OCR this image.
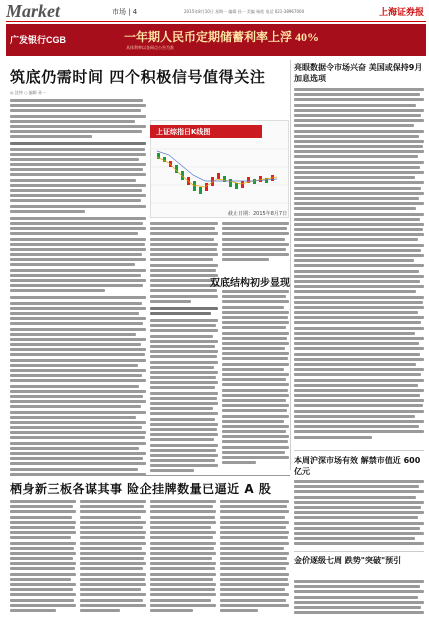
Market	市场 | 4	2015年8月10日 星期一 编辑 孙一 美编 杨欣 电话 021-38967000	上海证券报
广发银行CGB	一年期人民币定期储蓄利率上浮 40%
具体利率以各网点公告为准
筑底仍需时间 四个积极信号值得关注
亮眼数据令市场兴奋 美国或保持9月加息选项
◎ 沈仲 ○ 编辑 孙一
上证综指日K线图
截止日期：2015年8月7日
双底结构初步显现
本周沪深市场有效 解禁市值近 600 亿元
金价逐级七周 跌势"突破"预引
栖身新三板各谋其事 险企挂牌数量已逼近 A 股
